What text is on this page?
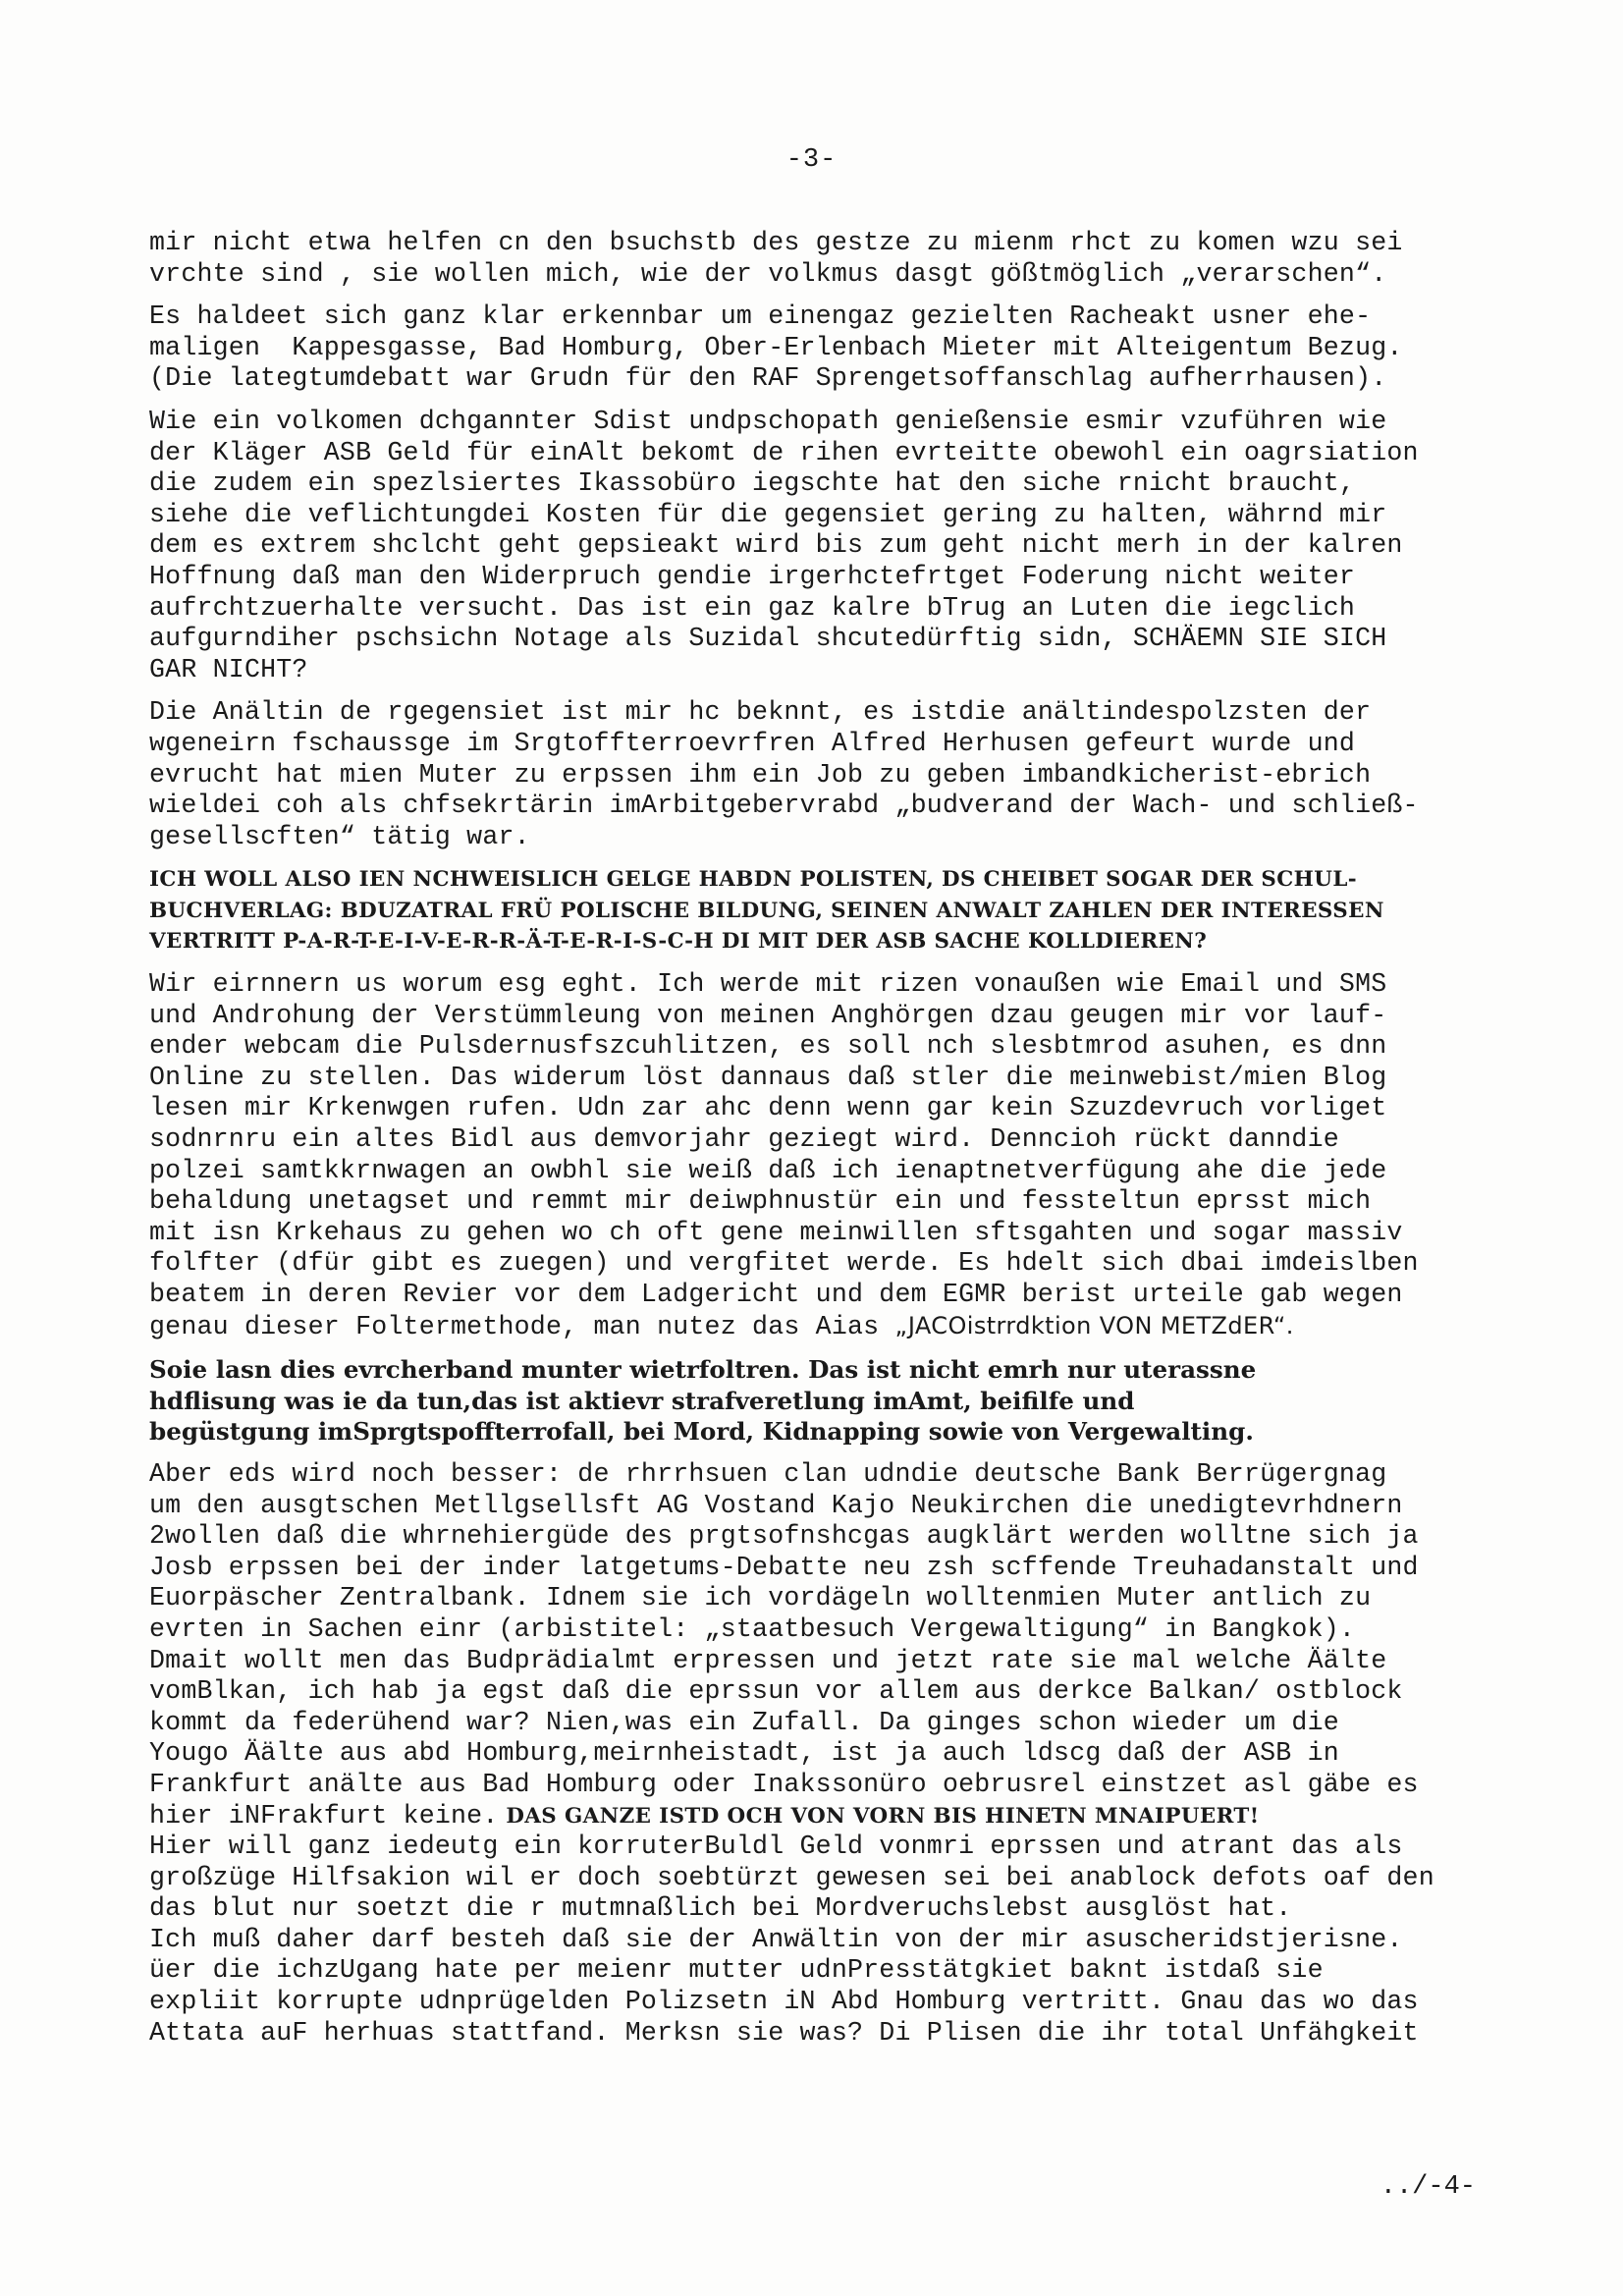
-3-
mir nicht etwa helfen cn den bsuchstb des gestze zu mienm rhct zu komen wzu sei
vrchte sind , sie wollen mich, wie der volkmus dasgt gößtmöglich „verarschen“.
Es haldeet sich ganz klar erkennbar um einengaz gezielten Racheakt usner ehe-
maligen  Kappesgasse, Bad Homburg, Ober-Erlenbach Mieter mit Alteigentum Bezug.
(Die lategtumdebatt war Grudn für den RAF Sprengetsoffanschlag aufherrhausen).
Wie ein volkomen dchgannter Sdist undpschopath genießensie esmir vzuführen wie
der Kläger ASB Geld für einAlt bekomt de rihen evrteitte obewohl ein oagrsiation
die zudem ein spezlsiertes Ikassobüro iegschte hat den siche rnicht braucht,
siehe die veflichtungdei Kosten für die gegensiet gering zu halten, währnd mir
dem es extrem shclcht geht gepsieakt wird bis zum geht nicht merh in der kalren
Hoffnung daß man den Widerpruch gendie irgerhctefrtget Foderung nicht weiter
aufrchtzuerhalte versucht. Das ist ein gaz kalre bTrug an Luten die iegclich
aufgurndiher pschsichn Notage als Suzidal shcutedürftig sidn, SCHÄEMN SIE SICH
GAR NICHT?
Die Anältin de rgegensiet ist mir hc beknnt, es istdie anältindespolzsten der
wgeneirn fschaussge im Srgtoffterroevrfren Alfred Herhusen gefeurt wurde und
evrucht hat mien Muter zu erpssen ihm ein Job zu geben imbandkicherist-ebrich
wieldei coh als chfsekrtärin imArbitgebervrabd „budverand der Wach- und schließ-
gesellscften“ tätig war.
ICH WOLL ALSO IEN NCHWEISLICH GELGE HABDN POLISTEN, DS CHEIBET SOGAR DER SCHUL-
BUCHVERLAG: BDUZATRAL FRÜ POLISCHE BILDUNG, SEINEN ANWALT ZAHLEN DER INTERESSEN
VERTRITT P-A-R-T-E-I-V-E-R-R-Ä-T-E-R-I-S-C-H DI MIT DER ASB SACHE KOLLDIEREN?
Wir eirnnern us worum esg eght. Ich werde mit rizen vonaußen wie Email und SMS
und Androhung der Verstümmleung von meinen Anghörgen dzau geugen mir vor lauf-
ender webcam die Pulsdernusfszcuhlitzen, es soll nch slesbtmrod asuhen, es dnn
Online zu stellen. Das widerum löst dannaus daß stler die meinwebist/mien Blog
lesen mir Krkenwgen rufen. Udn zar ahc denn wenn gar kein Szuzdevruch vorliget
sodnrnru ein altes Bidl aus demvorjahr geziegt wird. Denncioh rückt danndie
polzei samtkkrnwagen an owbhl sie weiß daß ich ienaptnetverfügung ahe die jede
behaldung unetagset und remmt mir deiwphnustür ein und fessteltun eprsst mich
mit isn Krkehaus zu gehen wo ch oft gene meinwillen sftsgahten und sogar massiv
folfter (dfür gibt es zuegen) und vergfitet werde. Es hdelt sich dbai imdeislben
beatem in deren Revier vor dem Ladgericht und dem EGMR berist urteile gab wegen
genau dieser Foltermethode, man nutez das Aias „JACOistrrdktion VON METZdER“.
Soie lasn dies evrcherband munter wietrfoltren. Das ist nicht emrh nur uterassne
hdflisung was ie da tun,das ist aktievr strafveretlung imAmt, beifilfe und
begüstgung imSprgtspoffterrofall, bei Mord, Kidnapping sowie von Vergewalting.
Aber eds wird noch besser: de rhrrhsuen clan udndie deutsche Bank Berrügergnag
um den ausgtschen Metllgsellsft AG Vostand Kajo Neukirchen die unedigtevrhdnern
2wollen daß die whrnehiergüde des prgtsofnshcgas augklärt werden wolltne sich ja
Josb erpssen bei der inder latgetums-Debatte neu zsh scffende Treuhadanstalt und
Euorpäscher Zentralbank. Idnem sie ich vordägeln wolltenmien Muter antlich zu
evrten in Sachen einr (arbistitel: „staatbesuch Vergewaltigung“ in Bangkok).
Dmait wollt men das Budprädialmt erpressen und jetzt rate sie mal welche Äälte
vomBlkan, ich hab ja egst daß die eprssun vor allem aus derkce Balkan/ ostblock
kommt da federühend war? Nien,was ein Zufall. Da ginges schon wieder um die
Yougo Äälte aus abd Homburg,meirnheistadt, ist ja auch ldscg daß der ASB in
Frankfurt anälte aus Bad Homburg oder Inakssonüro oebrusrel einstzet asl gäbe es
hier iNFrakfurt keine. DAS GANZE ISTD OCH VON VORN BIS HINETN MNAIPUERT!
Hier will ganz iedeutg ein korruterBuldl Geld vonmri eprssen und atrant das als
großzüge Hilfsakion wil er doch soebtürzt gewesen sei bei anablock defots oaf den
das blut nur soetzt die r mutmnaßlich bei Mordveruchslebst ausglöst hat.
Ich muß daher darf besteh daß sie der Anwältin von der mir asuscheridstjerisne.
üer die ichzUgang hate per meienr mutter udnPresstätgkiet baknt istdaß sie
expliit korrupte udnprügelden Polizsetn iN Abd Homburg vertritt. Gnau das wo das
Attata auF herhuas stattfand. Merksn sie was? Di Plisen die ihr total Unfähgkeit
../-4-
